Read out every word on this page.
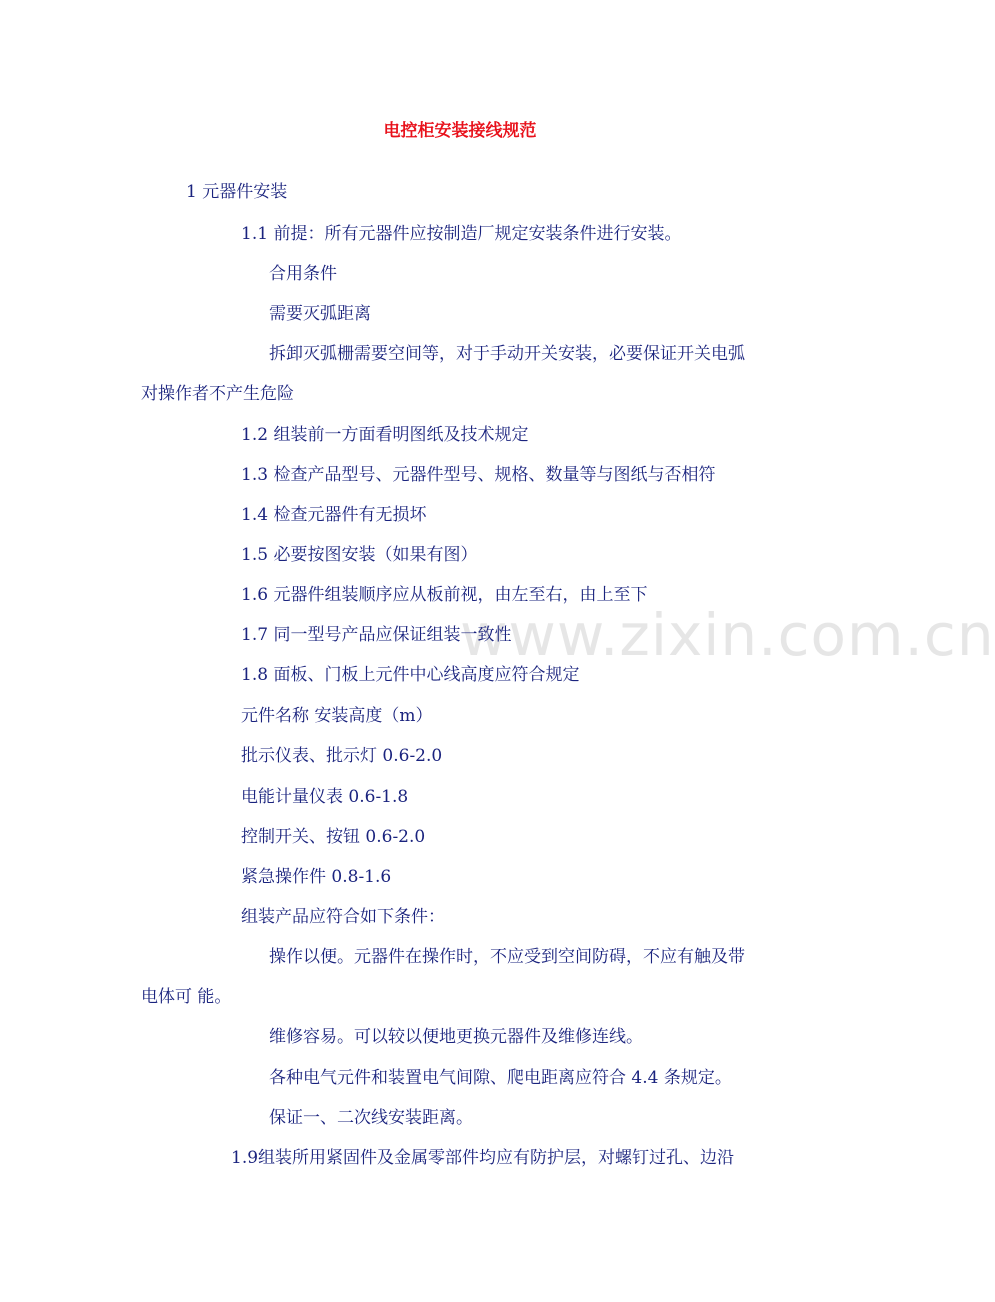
www.zixin.com.cn
电控柜安装接线规范
1 元器件安装
1.1 前提：所有元器件应按制造厂规定安装条件进行安装。
合用条件
需要灭弧距离
拆卸灭弧栅需要空间等，对于手动开关安装，必要保证开关电弧
对操作者不产生危险
1.2 组装前一方面看明图纸及技术规定
1.3 检查产品型号、元器件型号、规格、数量等与图纸与否相符
1.4 检查元器件有无损坏
1.5 必要按图安装（如果有图）
1.6 元器件组装顺序应从板前视，由左至右，由上至下
1.7 同一型号产品应保证组装一致性
1.8 面板、门板上元件中心线高度应符合规定
元件名称 安装高度（m）
批示仪表、批示灯 0.6-2.0
电能计量仪表 0.6-1.8
控制开关、按钮 0.6-2.0
紧急操作件 0.8-1.6
组装产品应符合如下条件：
操作以便。元器件在操作时，不应受到空间防碍，不应有触及带
电体可 能。
维修容易。可以较以便地更换元器件及维修连线。
各种电气元件和装置电气间隙、爬电距离应符合 4.4 条规定。
保证一、二次线安装距离。
1.9组装所用紧固件及金属零部件均应有防护层，对螺钉过孔、边沿
